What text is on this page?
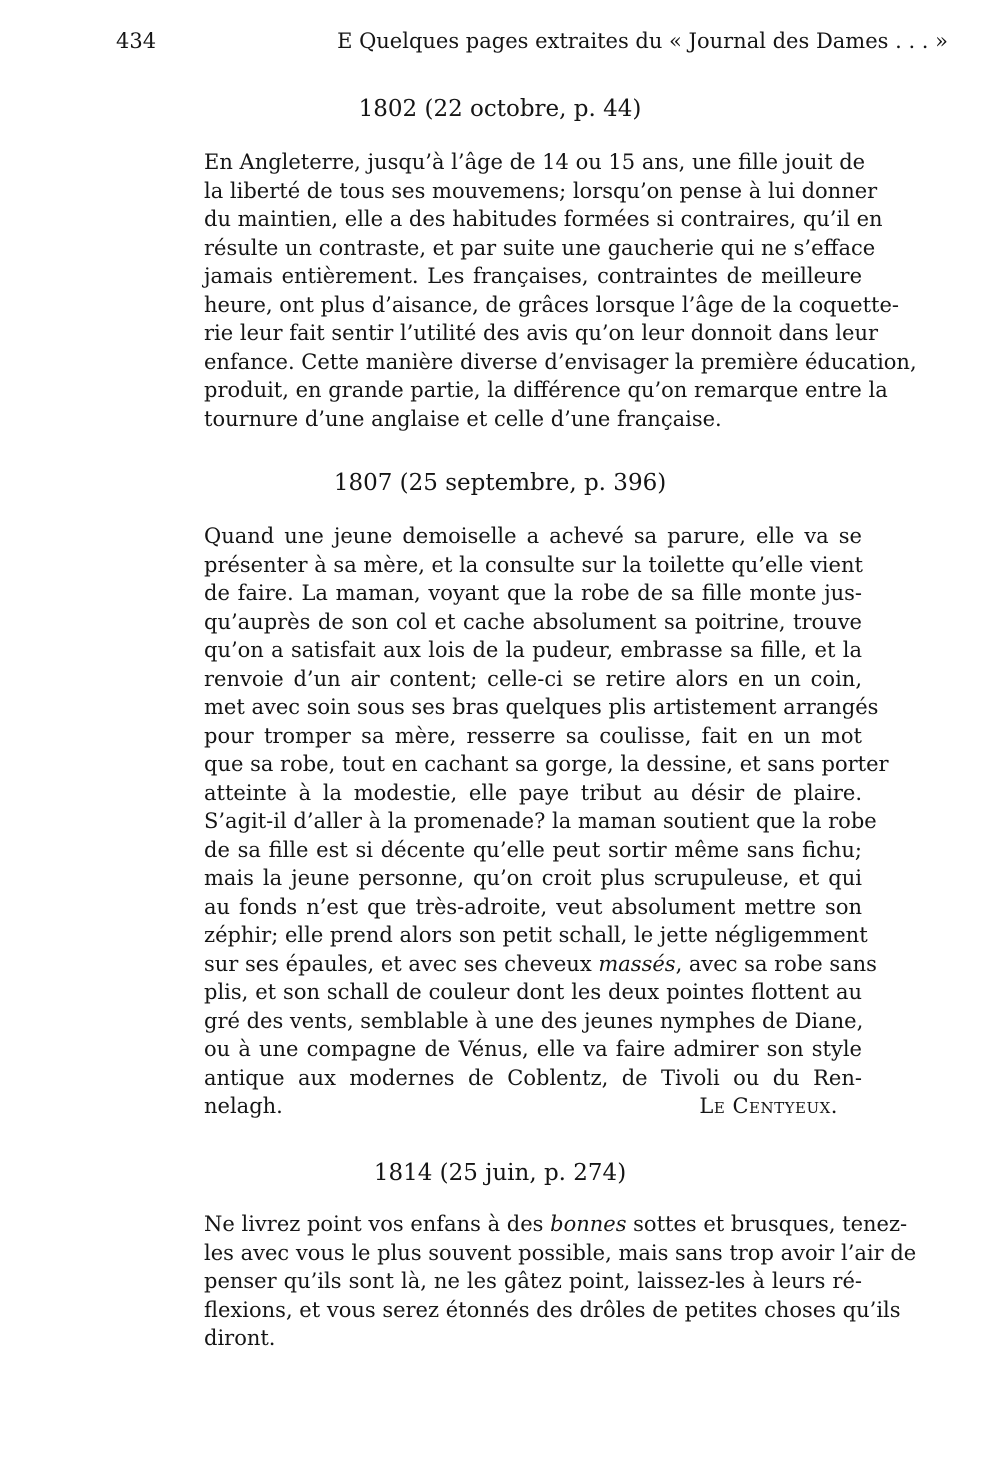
434	E Quelques pages extraites du « Journal des Dames . . . »
1802 (22 octobre, p. 44)
En Angleterre, jusqu’à l’âge de 14 ou 15 ans, une fille jouit de
la liberté de tous ses mouvemens; lorsqu’on pense à lui donner
du maintien, elle a des habitudes formées si contraires, qu’il en
résulte un contraste, et par suite une gaucherie qui ne s’efface
jamais entièrement. Les françaises, contraintes de meilleure
heure, ont plus d’aisance, de grâces lorsque l’âge de la coquette-
rie leur fait sentir l’utilité des avis qu’on leur donnoit dans leur
enfance. Cette manière diverse d’envisager la première éducation,
produit, en grande partie, la différence qu’on remarque entre la
tournure d’une anglaise et celle d’une française.
1807 (25 septembre, p. 396)
Quand une jeune demoiselle a achevé sa parure, elle va se
présenter à sa mère, et la consulte sur la toilette qu’elle vient
de faire. La maman, voyant que la robe de sa fille monte jus-
qu’auprès de son col et cache absolument sa poitrine, trouve
qu’on a satisfait aux lois de la pudeur, embrasse sa fille, et la
renvoie d’un air content; celle-ci se retire alors en un coin,
met avec soin sous ses bras quelques plis artistement arrangés
pour tromper sa mère, resserre sa coulisse, fait en un mot
que sa robe, tout en cachant sa gorge, la dessine, et sans porter
atteinte à la modestie, elle paye tribut au désir de plaire.
S’agit-il d’aller à la promenade? la maman soutient que la robe
de sa fille est si décente qu’elle peut sortir même sans fichu;
mais la jeune personne, qu’on croit plus scrupuleuse, et qui
au fonds n’est que très-adroite, veut absolument mettre son
zéphir; elle prend alors son petit schall, le jette négligemment
sur ses épaules, et avec ses cheveux massés, avec sa robe sans
plis, et son schall de couleur dont les deux pointes flottent au
gré des vents, semblable à une des jeunes nymphes de Diane,
ou à une compagne de Vénus, elle va faire admirer son style
antique aux modernes de Coblentz, de Tivoli ou du Ren-
nelagh.	Le Centyeux.
1814 (25 juin, p. 274)
Ne livrez point vos enfans à des bonnes sottes et brusques, tenez-
les avec vous le plus souvent possible, mais sans trop avoir l’air de
penser qu’ils sont là, ne les gâtez point, laissez-les à leurs ré-
flexions, et vous serez étonnés des drôles de petites choses qu’ils
diront.
